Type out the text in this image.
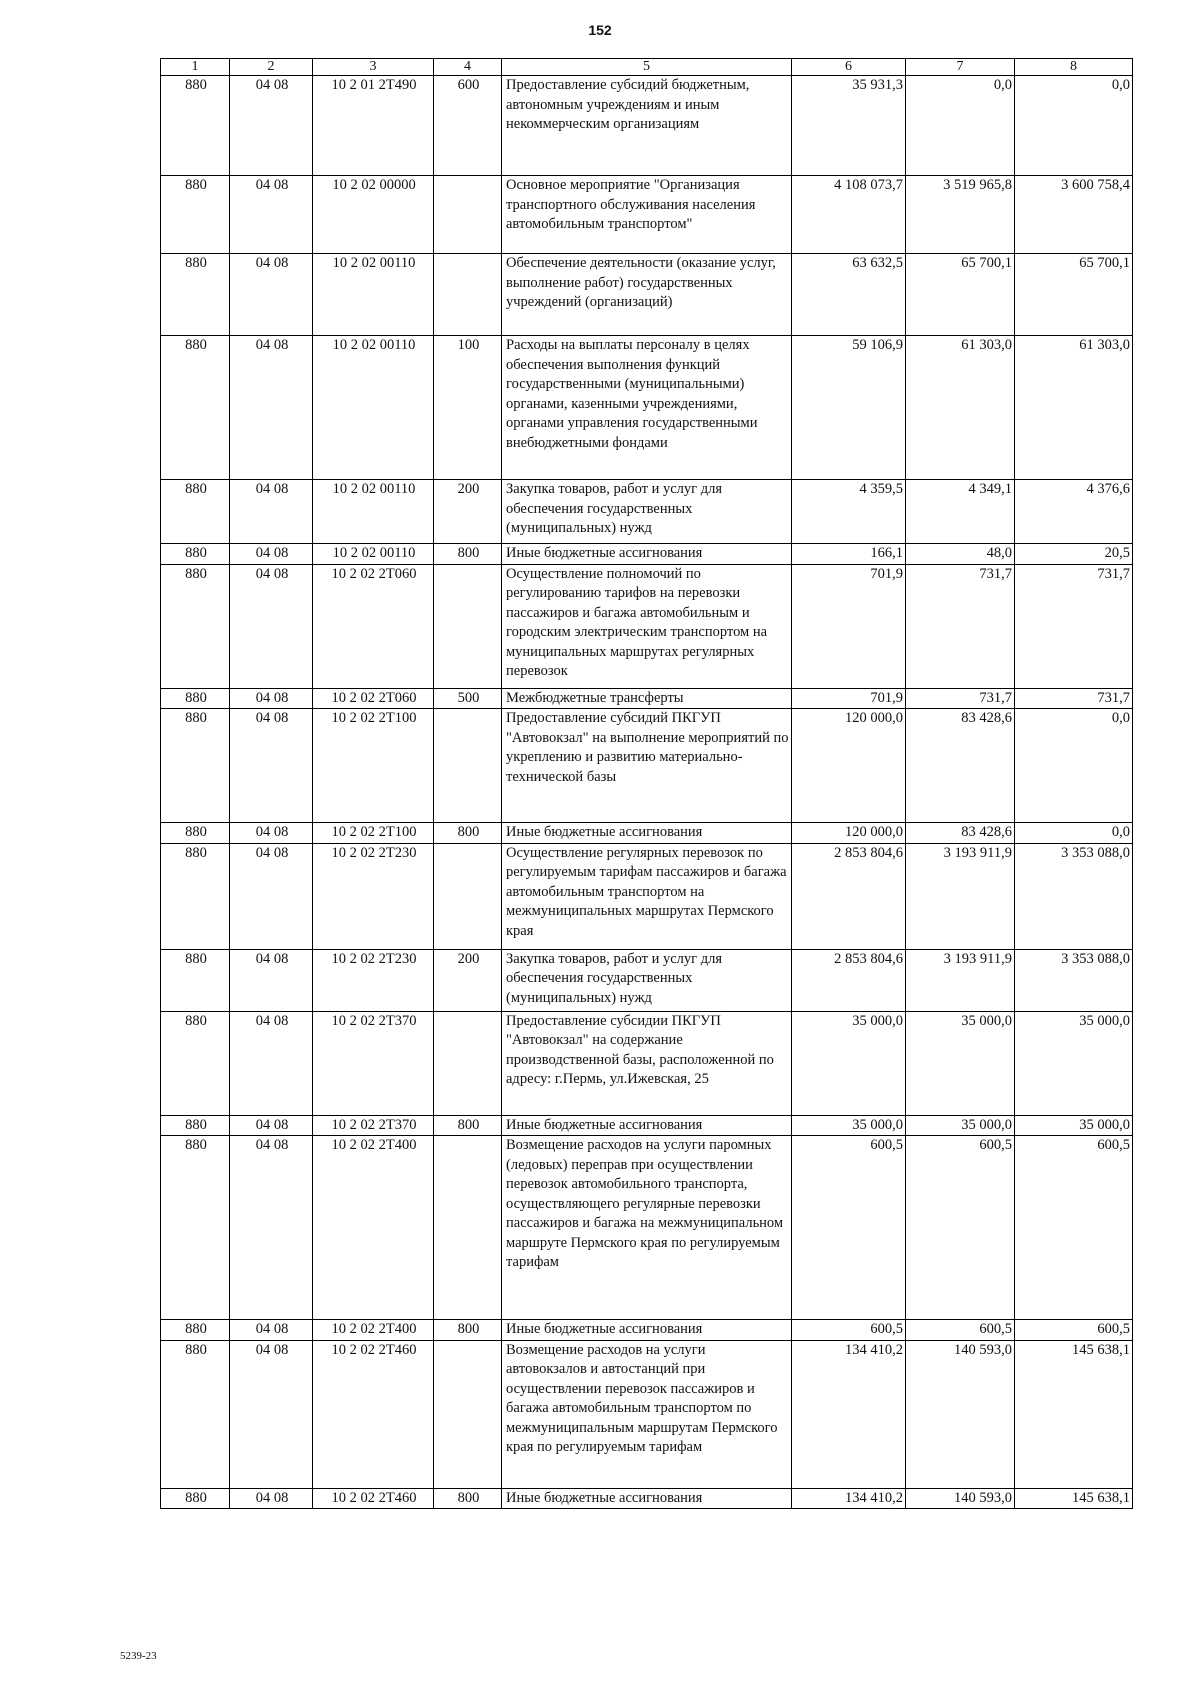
152
1	2	3	4	5	6	7	8
880	04 08	10 2 01 2Т490	600	Предоставление субсидий бюджетным, автономным учреждениям и иным некоммерческим организациям	35 931,3	0,0	0,0
880	04 08	10 2 02 00000		Основное мероприятие "Организация транспортного обслуживания населения автомобильным транспортом"	4 108 073,7	3 519 965,8	3 600 758,4
880	04 08	10 2 02 00110		Обеспечение деятельности (оказание услуг, выполнение работ) государственных учреждений (организаций)	63 632,5	65 700,1	65 700,1
880	04 08	10 2 02 00110	100	Расходы на выплаты персоналу в целях обеспечения выполнения функций государственными (муниципальными) органами, казенными учреждениями, органами управления государственными внебюджетными фондами	59 106,9	61 303,0	61 303,0
880	04 08	10 2 02 00110	200	Закупка товаров, работ и услуг для обеспечения государственных (муниципальных) нужд	4 359,5	4 349,1	4 376,6
880	04 08	10 2 02 00110	800	Иные бюджетные ассигнования	166,1	48,0	20,5
880	04 08	10 2 02 2Т060		Осуществление полномочий по регулированию тарифов на перевозки пассажиров и багажа автомобильным и городским электрическим транспортом на муниципальных маршрутах регулярных перевозок	701,9	731,7	731,7
880	04 08	10 2 02 2Т060	500	Межбюджетные трансферты	701,9	731,7	731,7
880	04 08	10 2 02 2Т100		Предоставление субсидий ПКГУП "Автовокзал" на выполнение мероприятий по укреплению и развитию материально-технической базы	120 000,0	83 428,6	0,0
880	04 08	10 2 02 2Т100	800	Иные бюджетные ассигнования	120 000,0	83 428,6	0,0
880	04 08	10 2 02 2Т230		Осуществление регулярных перевозок по регулируемым тарифам пассажиров и багажа автомобильным транспортом на межмуниципальных маршрутах Пермского края	2 853 804,6	3 193 911,9	3 353 088,0
880	04 08	10 2 02 2Т230	200	Закупка товаров, работ и услуг для обеспечения государственных (муниципальных) нужд	2 853 804,6	3 193 911,9	3 353 088,0
880	04 08	10 2 02 2Т370		Предоставление субсидии ПКГУП "Автовокзал" на содержание производственной базы, расположенной по адресу: г.Пермь, ул.Ижевская, 25	35 000,0	35 000,0	35 000,0
880	04 08	10 2 02 2Т370	800	Иные бюджетные ассигнования	35 000,0	35 000,0	35 000,0
880	04 08	10 2 02 2Т400		Возмещение расходов на услуги паромных (ледовых) переправ при осуществлении перевозок автомобильного транспорта, осуществляющего регулярные перевозки пассажиров и багажа на межмуниципальном маршруте Пермского края по регулируемым тарифам	600,5	600,5	600,5
880	04 08	10 2 02 2Т400	800	Иные бюджетные ассигнования	600,5	600,5	600,5
880	04 08	10 2 02 2Т460		Возмещение расходов на услуги автовокзалов и автостанций при осуществлении перевозок пассажиров и багажа автомобильным транспортом по межмуниципальным маршрутам Пермского края по регулируемым тарифам	134 410,2	140 593,0	145 638,1
880	04 08	10 2 02 2Т460	800	Иные бюджетные ассигнования	134 410,2	140 593,0	145 638,1
5239-23
